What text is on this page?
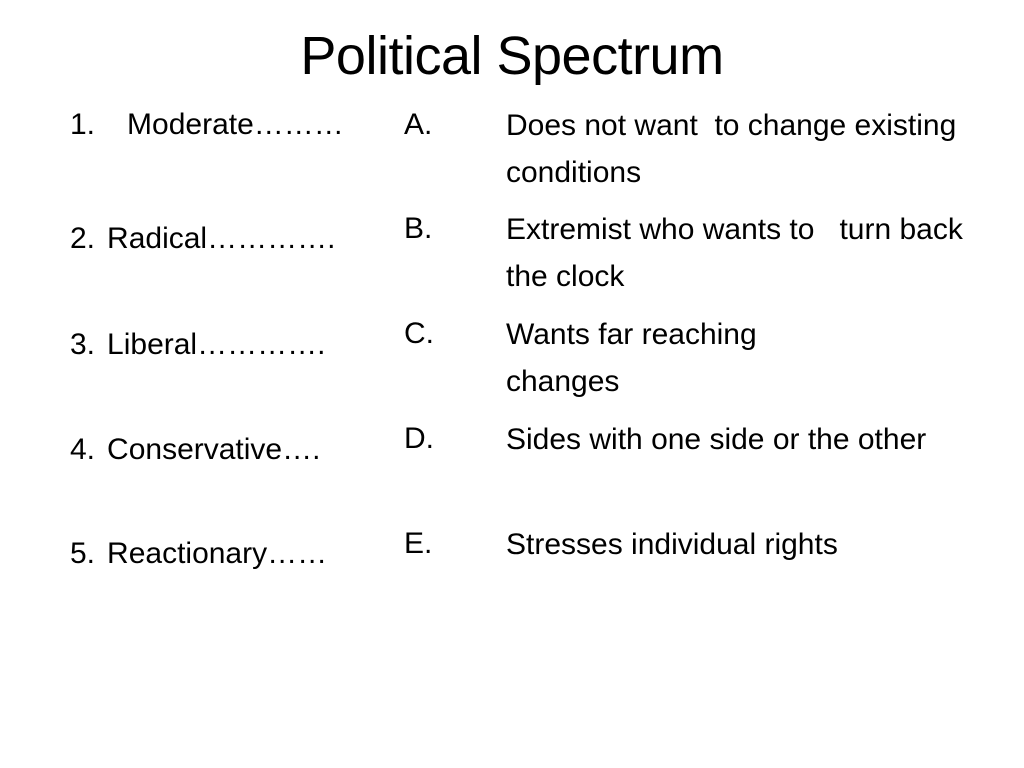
Political Spectrum
1. Moderate………
2. Radical………….
3. Liberal………….
4. Conservative….
5. Reactionary……
A. Does not want  to change existing conditions
B. Extremist who wants to   turn back the clock
C. Wants far reaching changes
D. Sides with one side or the other
E. Stresses individual rights
